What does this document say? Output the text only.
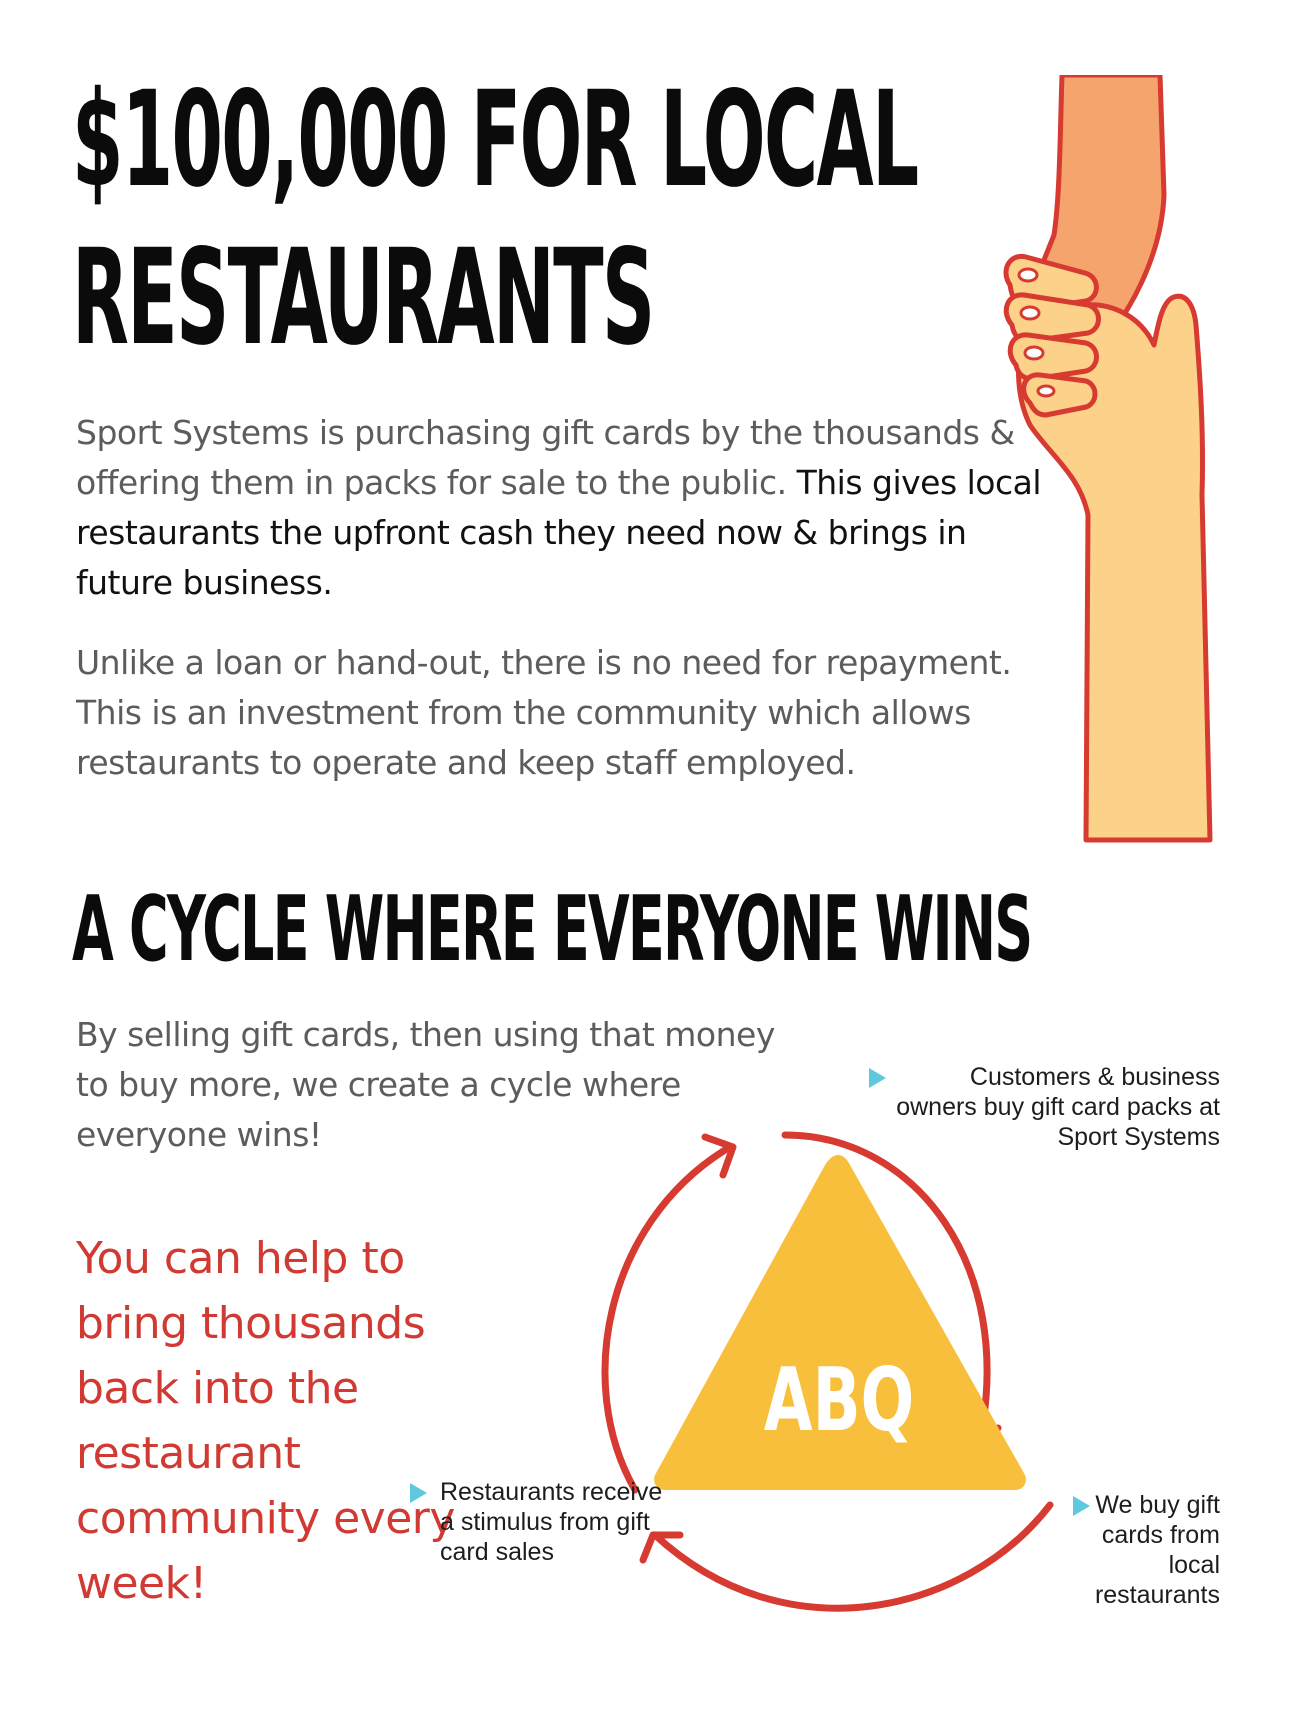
$100,000 FOR LOCAL
RESTAURANTS

Sport Systems is purchasing gift cards by the thousands & offering them in packs for sale to the public. This gives local restaurants the upfront cash they need now & brings in future business.

Unlike a loan or hand-out, there is no need for repayment. This is an investment from the community which allows restaurants to operate and keep staff employed.

A CYCLE WHERE EVERYONE WINS

By selling gift cards, then using that money to buy more, we create a cycle where everyone wins!

You can help to bring thousands back into the restaurant community every week!

ABQ

Customers & business owners buy gift card packs at Sport Systems

We buy gift cards from local restaurants

Restaurants receive a stimulus from gift card sales
